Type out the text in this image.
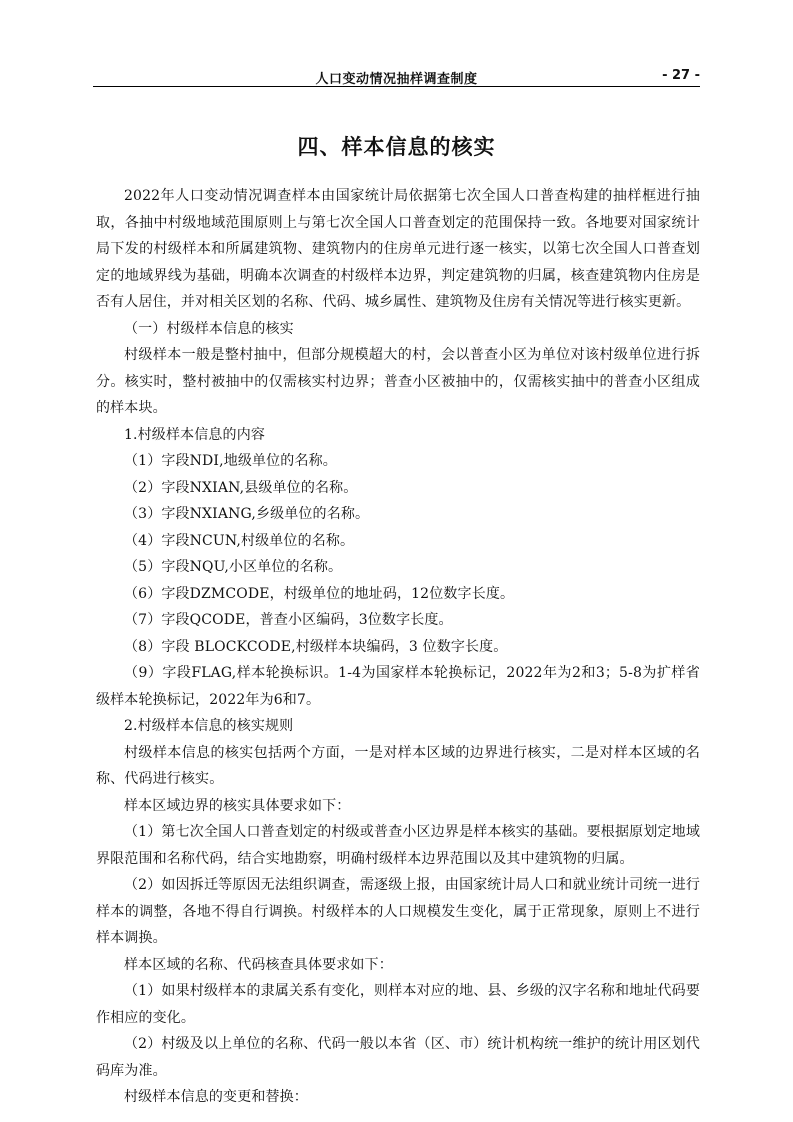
人口变动情况抽样调查制度	- 27 -
四、样本信息的核实

2022年人口变动情况调查样本由国家统计局依据第七次全国人口普查构建的抽样框进行抽取，各抽中村级地域范围原则上与第七次全国人口普查划定的范围保持一致。各地要对国家统计局下发的村级样本和所属建筑物、建筑物内的住房单元进行逐一核实，以第七次全国人口普查划定的地域界线为基础，明确本次调查的村级样本边界，判定建筑物的归属，核查建筑物内住房是否有人居住，并对相关区划的名称、代码、城乡属性、建筑物及住房有关情况等进行核实更新。

（一）村级样本信息的核实

村级样本一般是整村抽中，但部分规模超大的村，会以普查小区为单位对该村级单位进行拆分。核实时，整村被抽中的仅需核实村边界；普查小区被抽中的，仅需核实抽中的普查小区组成的样本块。

1.村级样本信息的内容

（1）字段NDI,地级单位的名称。

（2）字段NXIAN,县级单位的名称。

（3）字段NXIANG,乡级单位的名称。

（4）字段NCUN,村级单位的名称。

（5）字段NQU,小区单位的名称。

（6）字段DZMCODE，村级单位的地址码，12位数字长度。

（7）字段QCODE，普查小区编码，3位数字长度。

（8）字段 BLOCKCODE,村级样本块编码，3 位数字长度。

（9）字段FLAG,样本轮换标识。1-4为国家样本轮换标记，2022年为2和3；5-8为扩样省级样本轮换标记，2022年为6和7。

2.村级样本信息的核实规则

村级样本信息的核实包括两个方面，一是对样本区域的边界进行核实，二是对样本区域的名称、代码进行核实。

样本区域边界的核实具体要求如下：

（1）第七次全国人口普查划定的村级或普查小区边界是样本核实的基础。要根据原划定地域界限范围和名称代码，结合实地勘察，明确村级样本边界范围以及其中建筑物的归属。

（2）如因拆迁等原因无法组织调查，需逐级上报，由国家统计局人口和就业统计司统一进行样本的调整，各地不得自行调换。村级样本的人口规模发生变化，属于正常现象，原则上不进行样本调换。

样本区域的名称、代码核查具体要求如下：

（1）如果村级样本的隶属关系有变化，则样本对应的地、县、乡级的汉字名称和地址代码要作相应的变化。

（2）村级及以上单位的名称、代码一般以本省（区、市）统计机构统一维护的统计用区划代码库为准。

村级样本信息的变更和替换：
